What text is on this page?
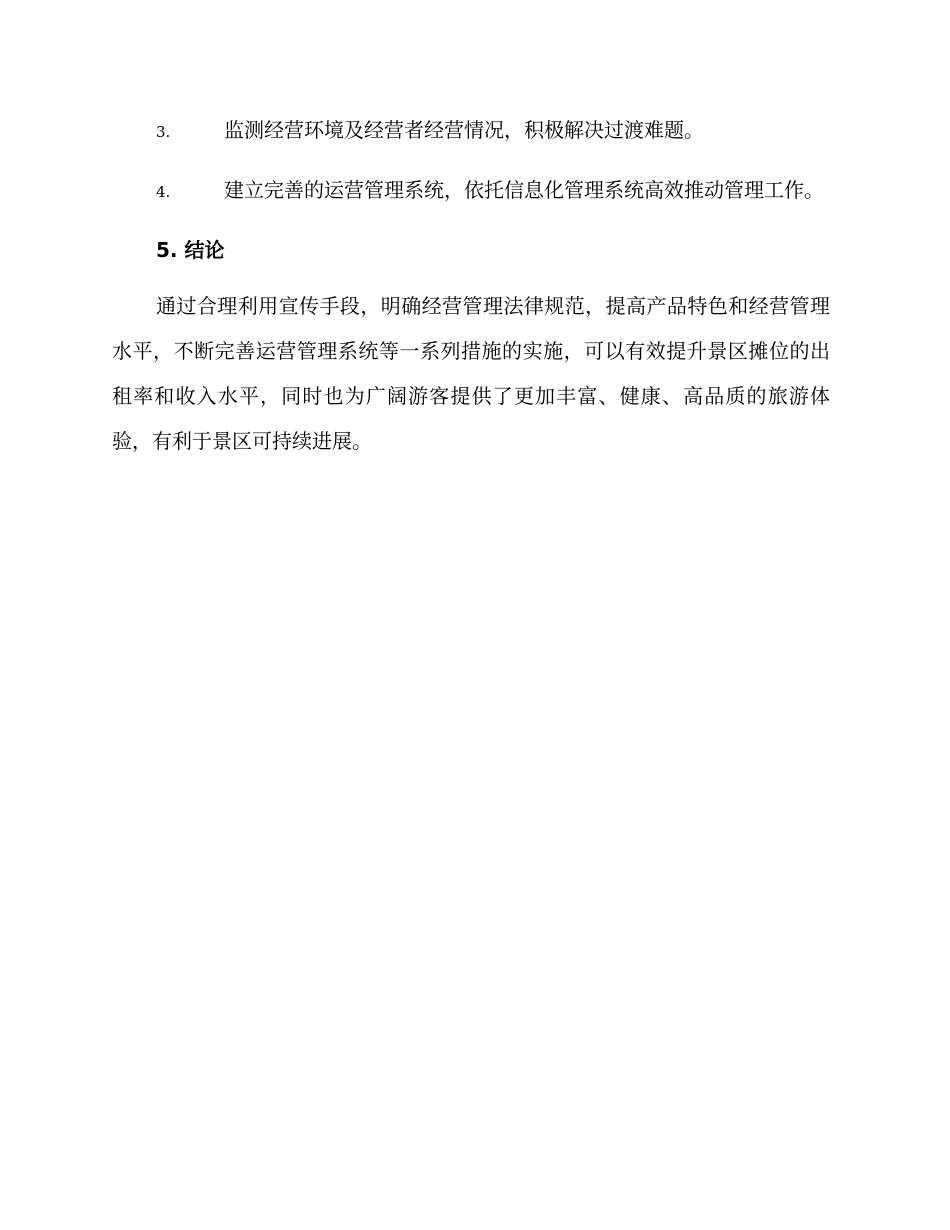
3.	监测经营环境及经营者经营情况，积极解决过渡难题。

4.	建立完善的运营管理系统，依托信息化管理系统高效推动管理工作。

5. 结论

通过合理利用宣传手段，明确经营管理法律规范，提高产品特色和经营管理水平，不断完善运营管理系统等一系列措施的实施，可以有效提升景区摊位的出租率和收入水平，同时也为广阔游客提供了更加丰富、健康、高品质的旅游体验，有利于景区可持续进展。
